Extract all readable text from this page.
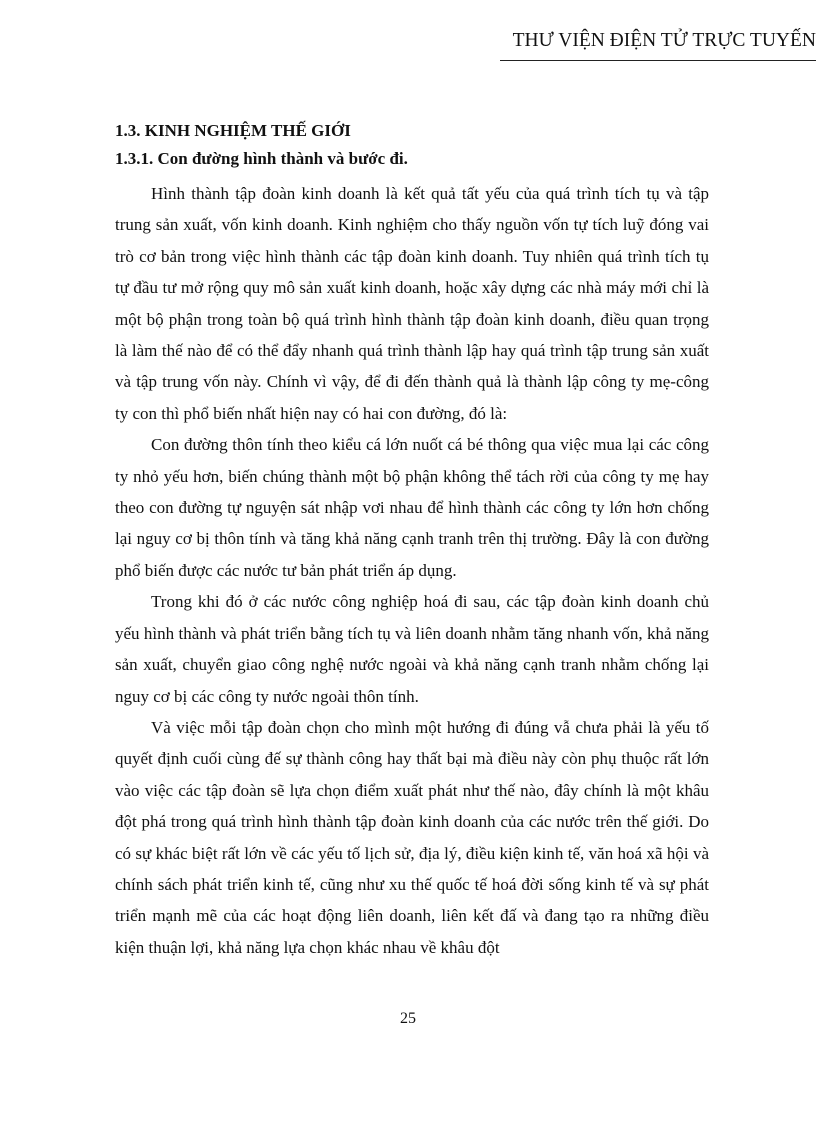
THƯ VIỆN ĐIỆN TỬ TRỰC TUYẾN

1.3. KINH NGHIỆM THẾ GIỚI

1.3.1. Con đường hình thành và bước đi.

Hình thành tập đoàn kinh doanh là kết quả tất yếu của quá trình tích tụ và tập trung sản xuất, vốn kinh doanh. Kinh nghiệm cho thấy nguồn vốn tự tích luỹ đóng vai trò cơ bản trong việc hình thành các tập đoàn kinh doanh. Tuy nhiên quá trình tích tụ tự đầu tư mở rộng quy mô sản xuất kinh doanh, hoặc xây dựng các nhà máy mới chỉ là một bộ phận trong toàn bộ quá trình hình thành tập đoàn kinh doanh, điều quan trọng là làm thế nào để có thể đẩy nhanh quá trình thành lập hay quá trình tập trung sản xuất và tập trung vốn này. Chính vì vậy, để đi đến thành quả là thành lập công ty mẹ-công ty con thì phổ biến nhất hiện nay có hai con đường, đó là:

Con đường thôn tính theo kiểu cá lớn nuốt cá bé thông qua việc mua lại các công ty nhỏ yếu hơn, biến chúng thành một bộ phận không thể tách rời của công ty mẹ hay theo con đường tự nguyện sát nhập vơi nhau để hình thành các công ty lớn hơn chống lại nguy cơ bị thôn tính và tăng khả năng cạnh tranh trên thị trường. Đây là con đường phổ biến được các nước tư bản phát triển áp dụng.

Trong khi đó ở các nước công nghiệp hoá đi sau, các tập đoàn kinh doanh chủ yếu hình thành và phát triển bằng tích tụ và liên doanh nhằm tăng nhanh vốn, khả năng sản xuất, chuyển giao công nghệ nước ngoài và khả năng cạnh tranh nhằm chống lại nguy cơ bị các công ty nước ngoài thôn tính.

Và việc mỗi tập đoàn chọn cho mình một hướng đi đúng vẫ chưa phải là yếu tố quyết định cuối cùng đế sự thành công hay thất bại mà điều này còn phụ thuộc rất lớn vào việc các tập đoàn sẽ lựa chọn điểm xuất phát như thế nào, đây chính là một khâu đột phá trong quá trình hình thành tập đoàn kinh doanh của các nước trên thế giới. Do có sự khác biệt rất lớn về các yếu tố lịch sử, địa lý, điều kiện kinh tế, văn hoá xã hội và chính sách phát triển kinh tế, cũng như xu thế quốc tế hoá đời sống kinh tế và sự phát triển mạnh mẽ của các hoạt động liên doanh, liên kết đấ và đang tạo ra những điều kiện thuận lợi, khả năng lựa chọn khác nhau về khâu đột

25
